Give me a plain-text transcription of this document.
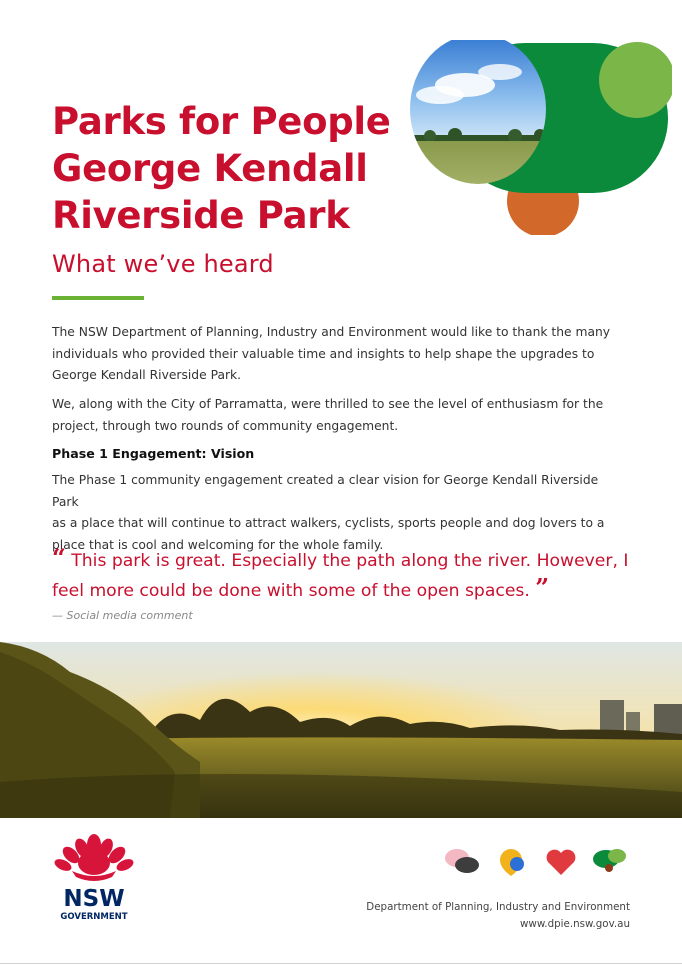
Parks for People
George Kendall
Riverside Park
What we’ve heard
The NSW Department of Planning, Industry and Environment would like to thank the many
individuals who provided their valuable time and insights to help shape the upgrades to
George Kendall Riverside Park.
We, along with the City of Parramatta, were thrilled to see the level of enthusiasm for the
project, through two rounds of community engagement.
Phase 1 Engagement: Vision
The Phase 1 community engagement created a clear vision for George Kendall Riverside Park
as a place that will continue to attract walkers, cyclists, sports people and dog lovers to a
place that is cool and welcoming for the whole family.
“ This park is great. Especially the path along the river. However, I
feel more could be done with some of the open spaces. ”
— Social media comment
NSW
GOVERNMENT
Department of Planning, Industry and Environment
www.dpie.nsw.gov.au
